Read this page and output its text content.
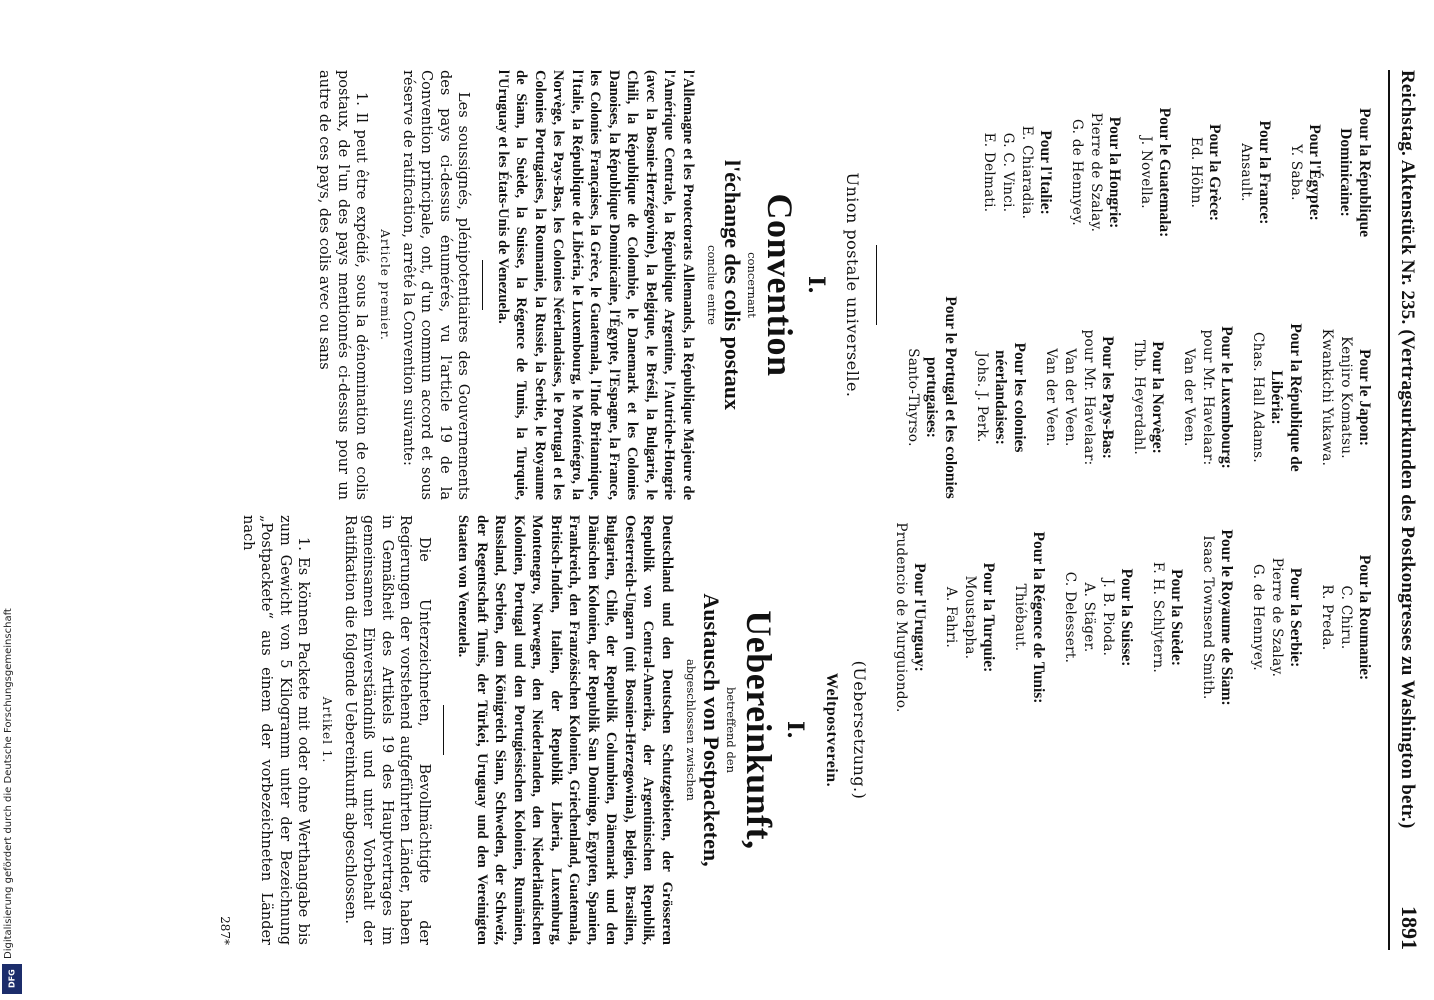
Digitalisierung gefördert durch die Deutsche Forschungsgemeinschaft
DFG
Reichstag. Aktenstück Nr. 235. (Vertragsurkunden des Postkongresses zu Washington betr.)
1891
Pour la République Dominicaine:
Pour l'Égypte:
Y. Saba.
Pour la France:
Ansault.
Pour la Grèce:
Ed. Höhn.
Pour le Guatemala:
J. Novella.
Pour la Hongrie:
Pierre de Szalay.
G. de Hennyey.
Pour l'Italie:
E. Chiaradia.
G. C. Vinci.
E. Delmati.
Pour le Japon:
Kenjiro Komatsu.
Kwankichi Yukawa.
Pour la République de Libéria:
Chas. Hall Adams.
Pour le Luxembourg:
pour Mr. Havelaar:
Van der Veen.
Pour la Norvège:
Thb. Heyerdahl.
Pour les Pays-Bas:
pour Mr. Havelaar:
Van der Veen.
Van der Veen.
Pour les colonies néerlandaises:
Johs. J. Perk.
Pour le Portugal et les colonies portugaises:
Santo-Thyrso.
Union postale universelle.
I.
Convention
concernant
l'échange des colis postaux
conclue entre
l'Allemagne et les Protectorats Allemands, la République Majeure de l'Amérique Centrale, la République Argentine, l'Autriche-Hongrie (avec la Bosnie-Herzégovine), la Belgique, le Brésil, la Bulgarie, le Chili, la République de Colombie, le Danemark et les Colonies Danoises, la République Dominicaine, l'Égypte, l'Espagne, la France, les Colonies Françaises, la Grèce, le Guatemala, l'Inde Britannique, l'Italie, la République de Libéria, le Luxembourg, le Monténégro, la Norvège, les Pays-Bas, les Colonies Néerlandaises, le Portugal et les Colonies Portugaises, la Roumanie, la Russie, la Serbie, le Royaume de Siam, la Suède, la Suisse, la Régence de Tunis, la Turquie, l'Uruguay et les États-Unis de Venezuela.
Les soussignés, plénipotentiaires des Gouvernements des pays ci-dessus énumérés, vu l'article 19 de la Convention principale, ont, d'un commun accord et sous réserve de ratification, arrêté la Convention suivante:
Article premier.
1. Il peut être expédié, sous la dénomination de colis postaux, de l'un des pays mentionnés ci-dessus pour un autre de ces pays, des colis avec ou sans
Pour la Roumanie:
C. Chiru.
R. Preda.
Pour la Serbie:
Pierre de Szalay.
G. de Hennyey.
Pour le Royaume de Siam:
Isaac Townsend Smith.
Pour la Suède:
F. H. Schlytern.
Pour la Suisse:
J. B. Pioda.
A. Stäger.
C. Delessert.
Pour la Régence de Tunis:
Thiébaut.
Pour la Turquie:
Moustapha.
A. Fahri.
Pour l'Uruguay:
Prudencio de Murguiondo.
(Uebersetzung.)
Weltpostverein.
I.
Uebereinkunft,
betreffend den
Austausch von Postpacketen,
abgeschlossen zwischen
Deutschland und den Deutschen Schutzgebieten, der Grösseren Republik von Central-Amerika, der Argentinischen Republik, Oesterreich-Ungarn (mit Bosnien-Herzegowina), Belgien, Brasilien, Bulgarien, Chile, der Republik Columbien, Dänemark und den Dänischen Kolonien, der Republik San Domingo, Egypten, Spanien, Frankreich, den Französischen Kolonien, Griechenland, Guatemala, Britisch-Indien, Italien, der Republik Liberia, Luxemburg, Montenegro, Norwegen, den Niederlanden, den Niederländischen Kolonien, Portugal und den Portugiesischen Kolonien, Rumänien, Russland, Serbien, dem Königreich Siam, Schweden, der Schweiz, der Regentschaft Tunis, der Türkei, Uruguay und den Vereinigten Staaten von Venezuela.
Die Unterzeichneten, Bevollmächtigte der Regierungen der vorstehend aufgeführten Länder, haben in Gemäßheit des Artikels 19 des Hauptvertrages im gemeinsamen Einverständniß und unter Vorbehalt der Ratifikation die folgende Uebereinkunft abgeschlossen.
Artikel 1.
1. Es können Packete mit oder ohne Werthangabe bis zum Gewicht von 5 Kilogramm unter der Bezeichnung „Postpackete“ aus einem der vorbezeichneten Länder nach
287*
